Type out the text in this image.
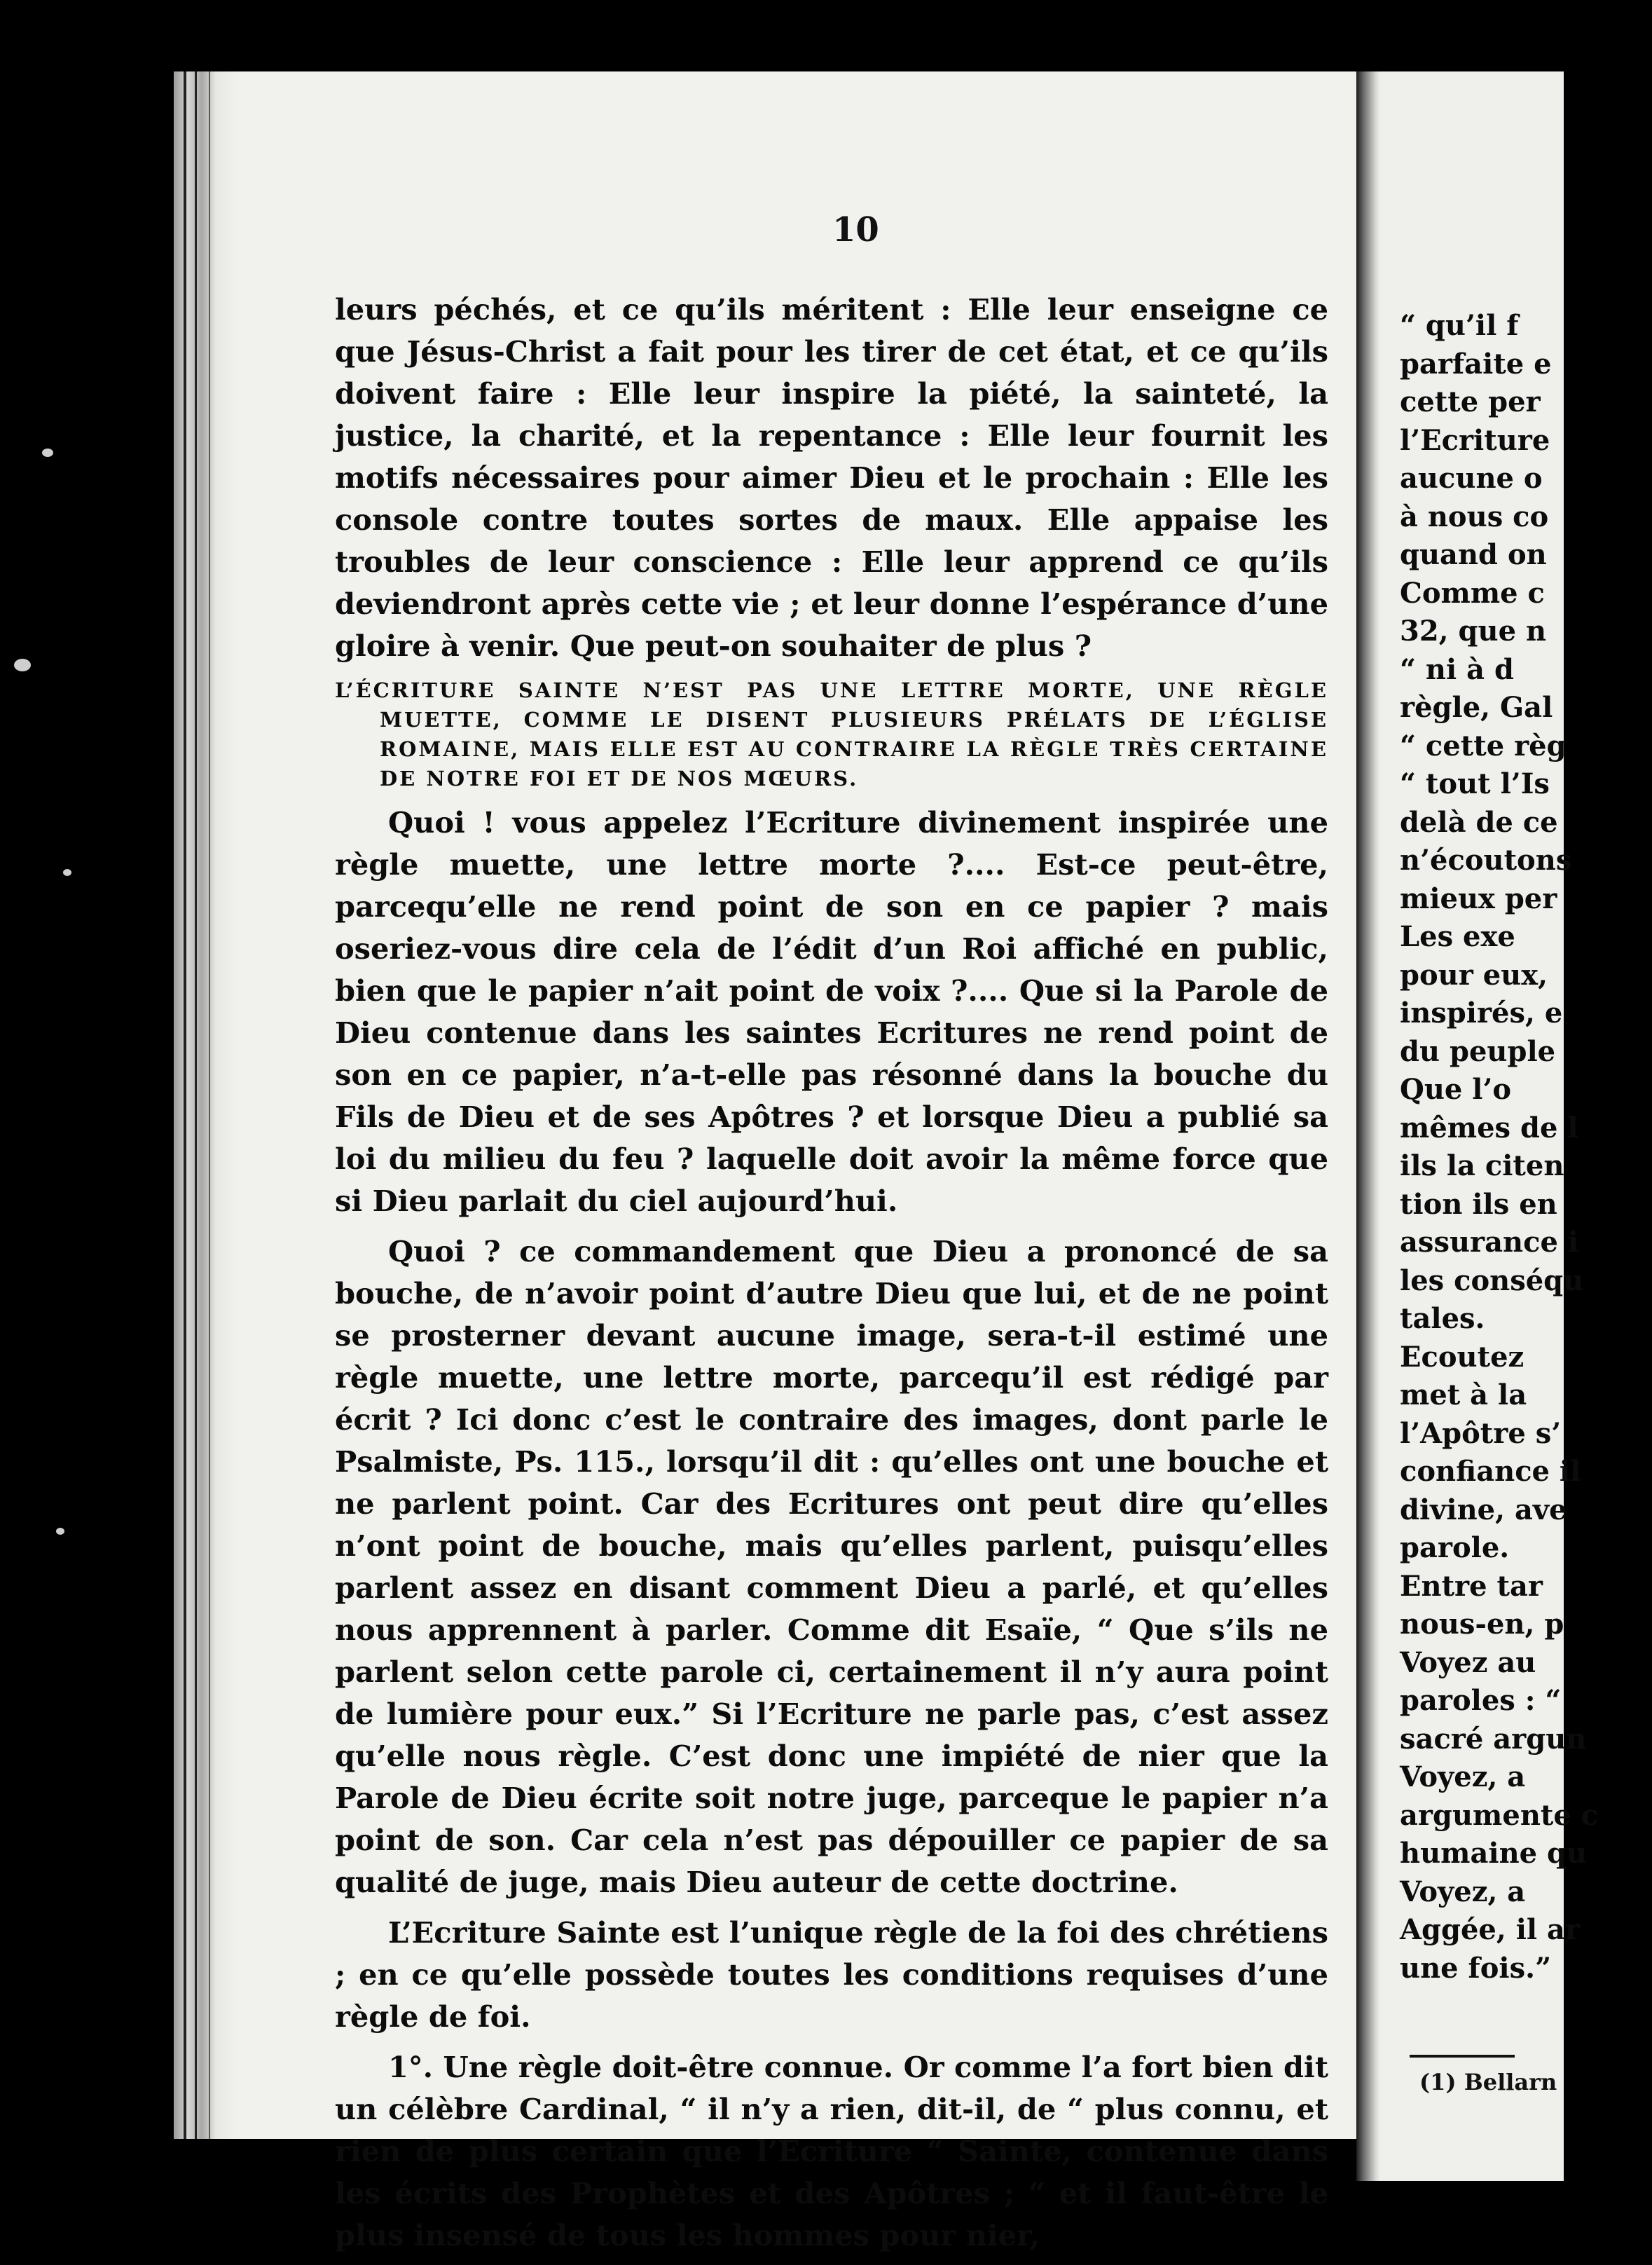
10

leurs péchés, et ce qu’ils méritent : Elle leur enseigne ce que Jésus-Christ a fait pour les tirer de cet état, et ce qu’ils doivent faire : Elle leur inspire la piété, la sainteté, la justice, la charité, et la repentance : Elle leur fournit les motifs nécessaires pour aimer Dieu et le prochain : Elle les console contre toutes sortes de maux. Elle appaise les troubles de leur conscience : Elle leur apprend ce qu’ils deviendront après cette vie ; et leur donne l’espérance d’une gloire à venir. Que peut-on souhaiter de plus ?

L’ÉCRITURE SAINTE N’EST PAS UNE LETTRE MORTE, UNE RÈGLE MUETTE, COMME LE DISENT PLUSIEURS PRÉLATS DE L’ÉGLISE ROMAINE, MAIS ELLE EST AU CONTRAIRE LA RÈGLE TRÈS CERTAINE DE NOTRE FOI ET DE NOS MŒURS.

Quoi ! vous appelez l’Ecriture divinement inspirée une règle muette, une lettre morte ?.... Est-ce peut-être, parcequ’elle ne rend point de son en ce papier ? mais oseriez-vous dire cela de l’édit d’un Roi affiché en public, bien que le papier n’ait point de voix ?.... Que si la Parole de Dieu contenue dans les saintes Ecritures ne rend point de son en ce papier, n’a-t-elle pas résonné dans la bouche du Fils de Dieu et de ses Apôtres ? et lorsque Dieu a publié sa loi du milieu du feu ? laquelle doit avoir la même force que si Dieu parlait du ciel aujourd’hui.

Quoi ? ce commandement que Dieu a prononcé de sa bouche, de n’avoir point d’autre Dieu que lui, et de ne point se prosterner devant aucune image, sera-t-il estimé une règle muette, une lettre morte, parcequ’il est rédigé par écrit ? Ici donc c’est le contraire des images, dont parle le Psalmiste, Ps. 115., lorsqu’il dit : qu’elles ont une bouche et ne parlent point. Car des Ecritures ont peut dire qu’elles n’ont point de bouche, mais qu’elles parlent, puisqu’elles parlent assez en disant comment Dieu a parlé, et qu’elles nous apprennent à parler. Comme dit Esaïe, “ Que s’ils ne parlent selon cette parole ci, certainement il n’y aura point de lumière pour eux.” Si l’Ecriture ne parle pas, c’est assez qu’elle nous règle. C’est donc une impiété de nier que la Parole de Dieu écrite soit notre juge, parceque le papier n’a point de son. Car cela n’est pas dépouiller ce papier de sa qualité de juge, mais Dieu auteur de cette doctrine.

L’Ecriture Sainte est l’unique règle de la foi des chrétiens ; en ce qu’elle possède toutes les conditions requises d’une règle de foi.

1°. Une règle doit-être connue. Or comme l’a fort bien dit un célèbre Cardinal, “ il n’y a rien, dit-il, de “ plus connu, et rien de plus certain que l’Ecriture “ Sainte, contenue dans les écrits des Prophètes et des Apôtres ; “ et il faut-être le plus insensé de tous les hommes pour nier,

“ qu’il f
parfaite e
cette per
l’Ecriture
aucune o
à nous co
quand on
Comme c
32, que n
“ ni à d
règle, Gal
“ cette règ
“ tout l’Is
delà de ce
n’écoutons
mieux per
Les exe
pour eux,
inspirés, e
du peuple
Que l’o
mêmes de l
ils la citen
tion ils en
assurance i
les conséqu
tales.
Ecoutez
met à la
l’Apôtre s’
confiance il
divine, ave
parole.
Entre tar
nous-en, p
Voyez au
paroles : “
sacré argun
Voyez, a
argumente c
humaine qu
Voyez, a
Aggée, il ar
une fois.”
(1) Bellarn
